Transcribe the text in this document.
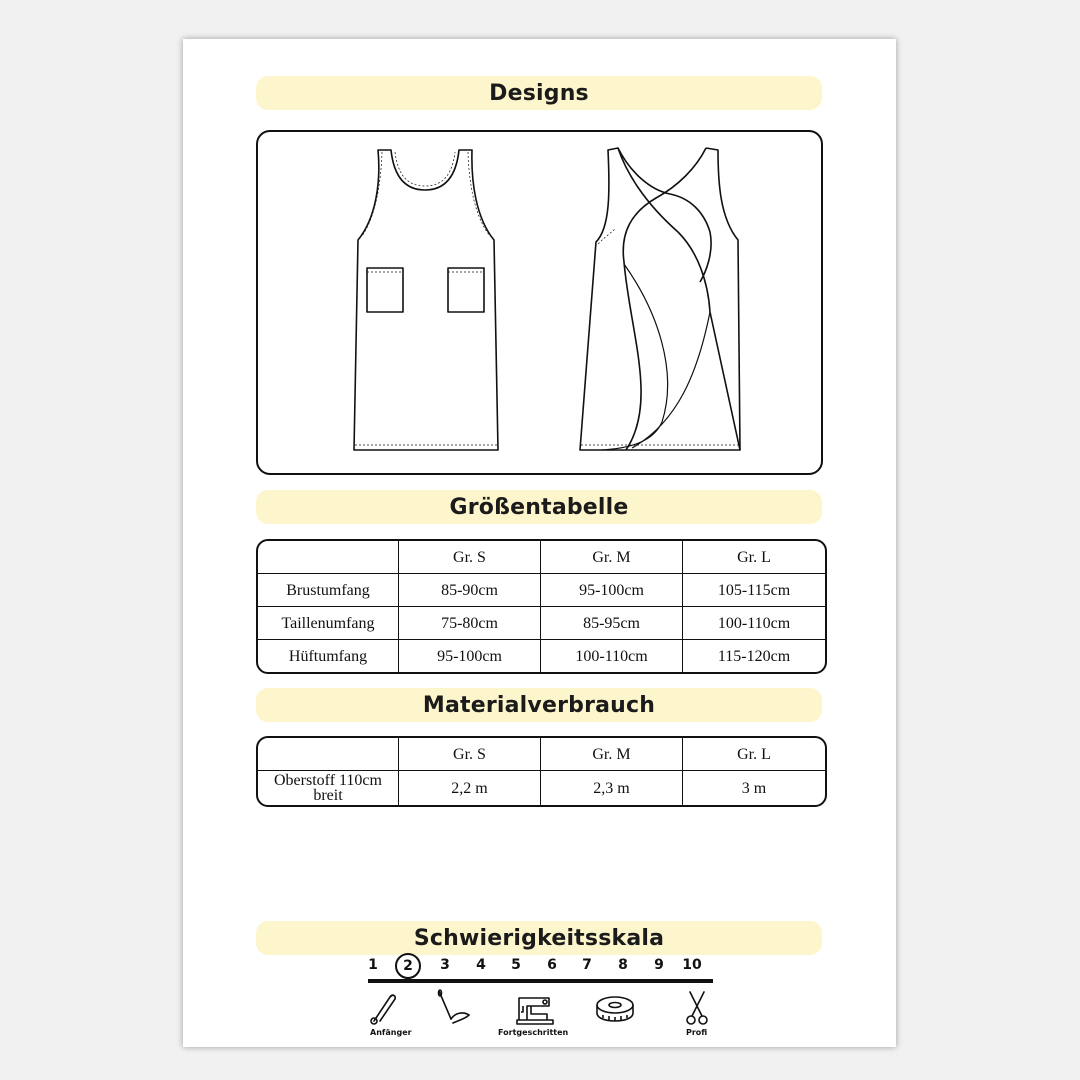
Designs
Größentabelle
	Gr. S	Gr. M	Gr. L
Brustumfang	85-90cm	95-100cm	105-115cm
Taillenumfang	75-80cm	85-95cm	100-110cm
Hüftumfang	95-100cm	100-110cm	115-120cm
Materialverbrauch
	Gr. S	Gr. M	Gr. L
Oberstoff 110cm breit	2,2 m	2,3 m	3 m
Schwierigkeitsskala
1	2	3	4	5	6	7	8	9	10
Anfänger	Fortgeschritten	Profi
